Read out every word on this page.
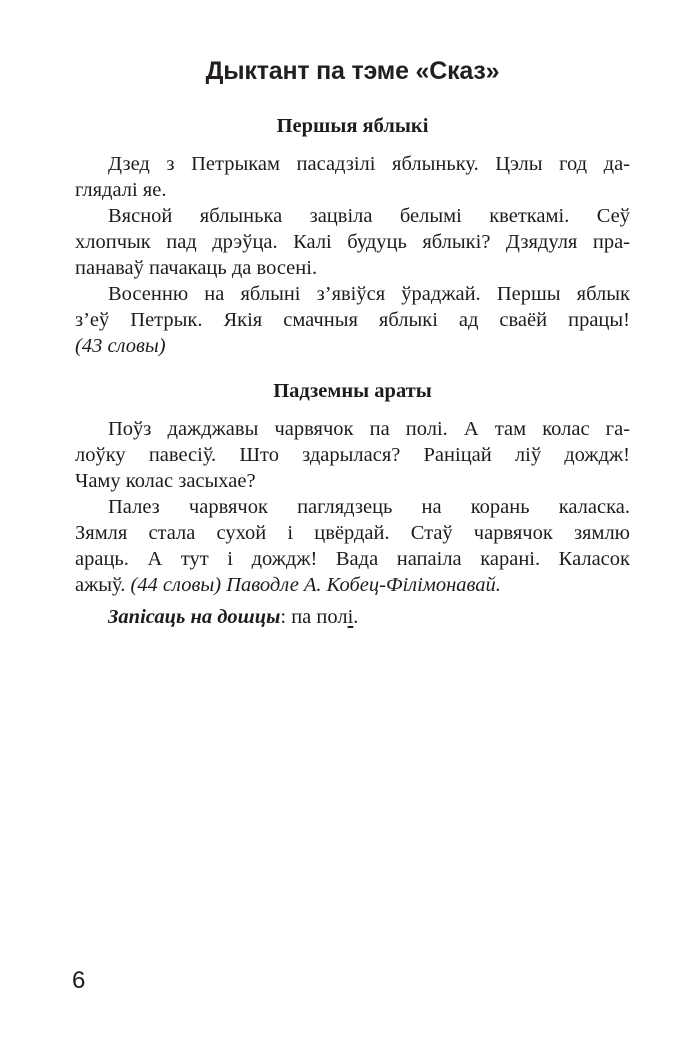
Дыктант па тэме «Сказ»
Першыя яблыкі
Дзед з Петрыкам пасадзілі яблыньку. Цэлы год да-
глядалі яе.
Вясной яблынька зацвіла белымі кветкамі. Сеў
хлопчык пад дрэўца. Калі будуць яблыкі? Дзядуля пра-
панаваў пачакаць да восені.
Восенню на яблыні з’явіўся ўраджай. Першы яблык
з’еў Петрык. Якія смачныя яблыкі ад сваёй працы!
(43 словы)
Падземны араты
Поўз дажджавы чарвячок па полі. А там колас га-
лоўку павесіў. Што здарылася? Раніцай ліў дождж!
Чаму колас засыхае?
Палез чарвячок паглядзець на корань каласка.
Зямля стала сухой і цвёрдай. Стаў чарвячок зямлю
араць. А тут і дождж! Вада напаіла карані. Каласок
ажыў. (44 словы) Паводле А. Кобец-Філімонавай.
Запісаць на дошцы: па полі.
6
